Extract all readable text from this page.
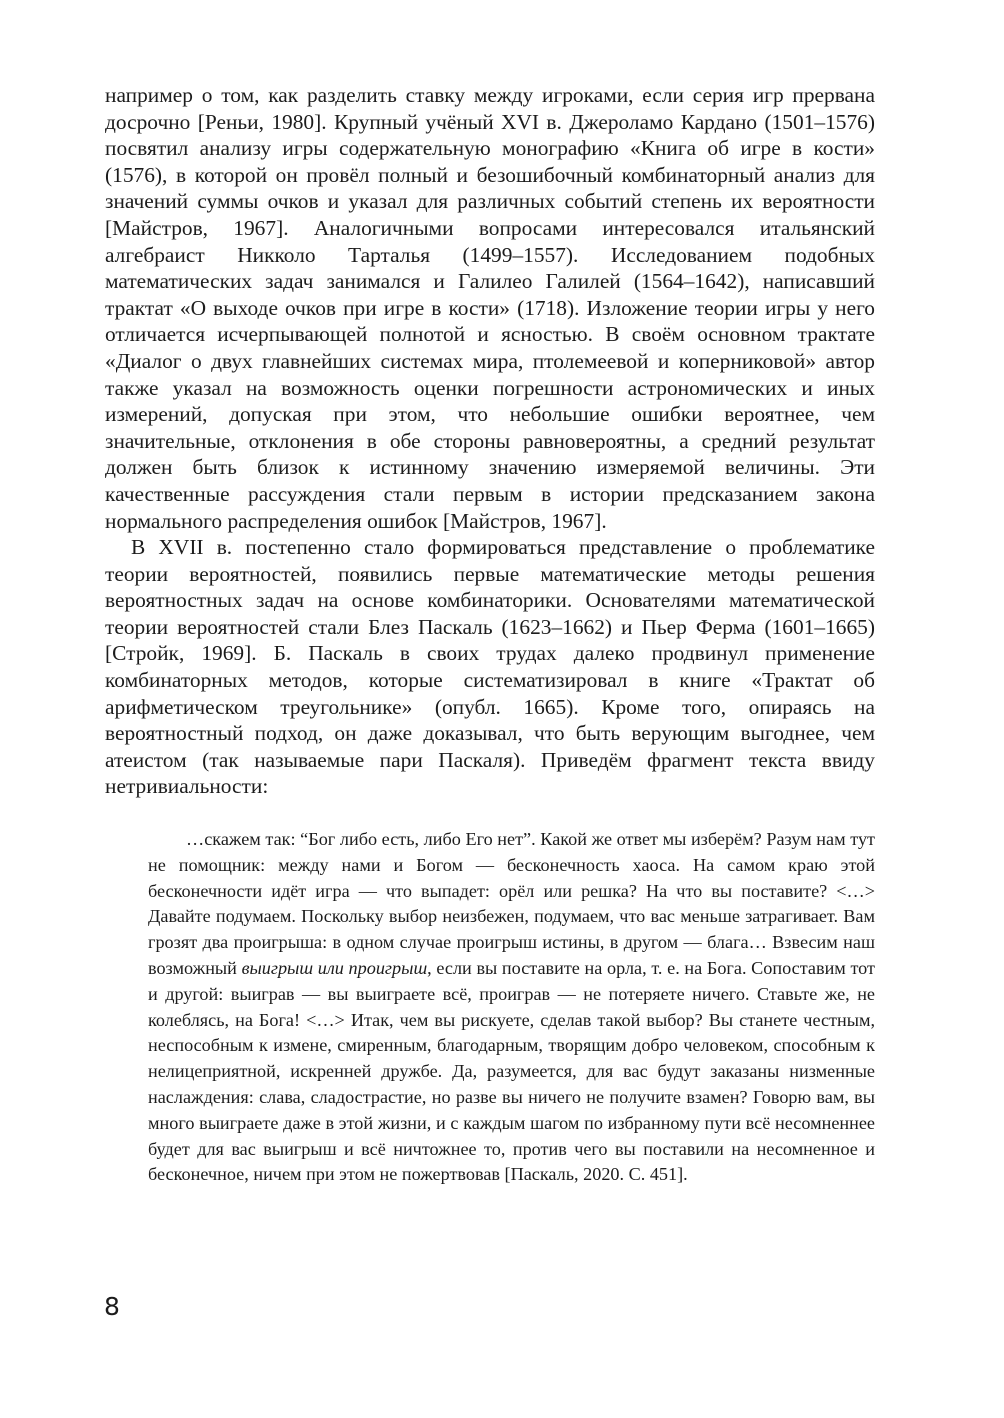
например о том, как разделить ставку между игроками, если серия игр прервана досрочно [Реньи, 1980]. Крупный учёный XVI в. Джероламо Кардано (1501–1576) посвятил анализу игры содержательную монографию «Книга об игре в кости» (1576), в которой он провёл полный и безошибочный комбинаторный анализ для значений суммы очков и указал для различных событий степень их вероятности [Майстров, 1967]. Аналогичными вопросами интересовался итальянский алгебраист Никколо Тарталья (1499–1557). Исследованием подобных математических задач занимался и Галилео Галилей (1564–1642), написавший трактат «О выходе очков при игре в кости» (1718). Изложение теории игры у него отличается исчерпывающей полнотой и ясностью. В своём основном трактате «Диалог о двух главнейших системах мира, птолемеевой и коперниковой» автор также указал на возможность оценки погрешности астрономических и иных измерений, допуская при этом, что небольшие ошибки вероятнее, чем значительные, отклонения в обе стороны равновероятны, а средний результат должен быть близок к истинному значению измеряемой величины. Эти качественные рассуждения стали первым в истории предсказанием закона нормального распределения ошибок [Майстров, 1967].

В XVII в. постепенно стало формироваться представление о проблематике теории вероятностей, появились первые математические методы решения вероятностных задач на основе комбинаторики. Основателями математической теории вероятностей стали Блез Паскаль (1623–1662) и Пьер Ферма (1601–1665) [Стройк, 1969]. Б. Паскаль в своих трудах далеко продвинул применение комбинаторных методов, которые систематизировал в книге «Трактат об арифметическом треугольнике» (опубл. 1665). Кроме того, опираясь на вероятностный подход, он даже доказывал, что быть верующим выгоднее, чем атеистом (так называемые пари Паскаля). Приведём фрагмент текста ввиду нетривиальности:

…скажем так: “Бог либо есть, либо Его нет”. Какой же ответ мы изберём? Разум нам тут не помощник: между нами и Богом — бесконечность хаоса. На самом краю этой бесконечности идёт игра — что выпадет: орёл или решка? На что вы поставите? <…> Давайте подумаем. Поскольку выбор неизбежен, подумаем, что вас меньше затрагивает. Вам грозят два проигрыша: в одном случае проигрыш истины, в другом — блага… Взвесим наш возможный выигрыш или проигрыш, если вы поставите на орла, т. е. на Бога. Сопоставим тот и другой: выиграв — вы выиграете всё, проиграв — не потеряете ничего. Ставьте же, не колеблясь, на Бога! <…> Итак, чем вы рискуете, сделав такой выбор? Вы станете честным, неспособным к измене, смиренным, благодарным, творящим добро человеком, способным к нелицеприятной, искренней дружбе. Да, разумеется, для вас будут заказаны низменные наслаждения: слава, сладострастие, но разве вы ничего не получите взамен? Говорю вам, вы много выиграете даже в этой жизни, и с каждым шагом по избранному пути всё несомненнее будет для вас выигрыш и всё ничтожнее то, против чего вы поставили на несомненное и бесконечное, ничем при этом не пожертвовав [Паскаль, 2020. С. 451].

8
